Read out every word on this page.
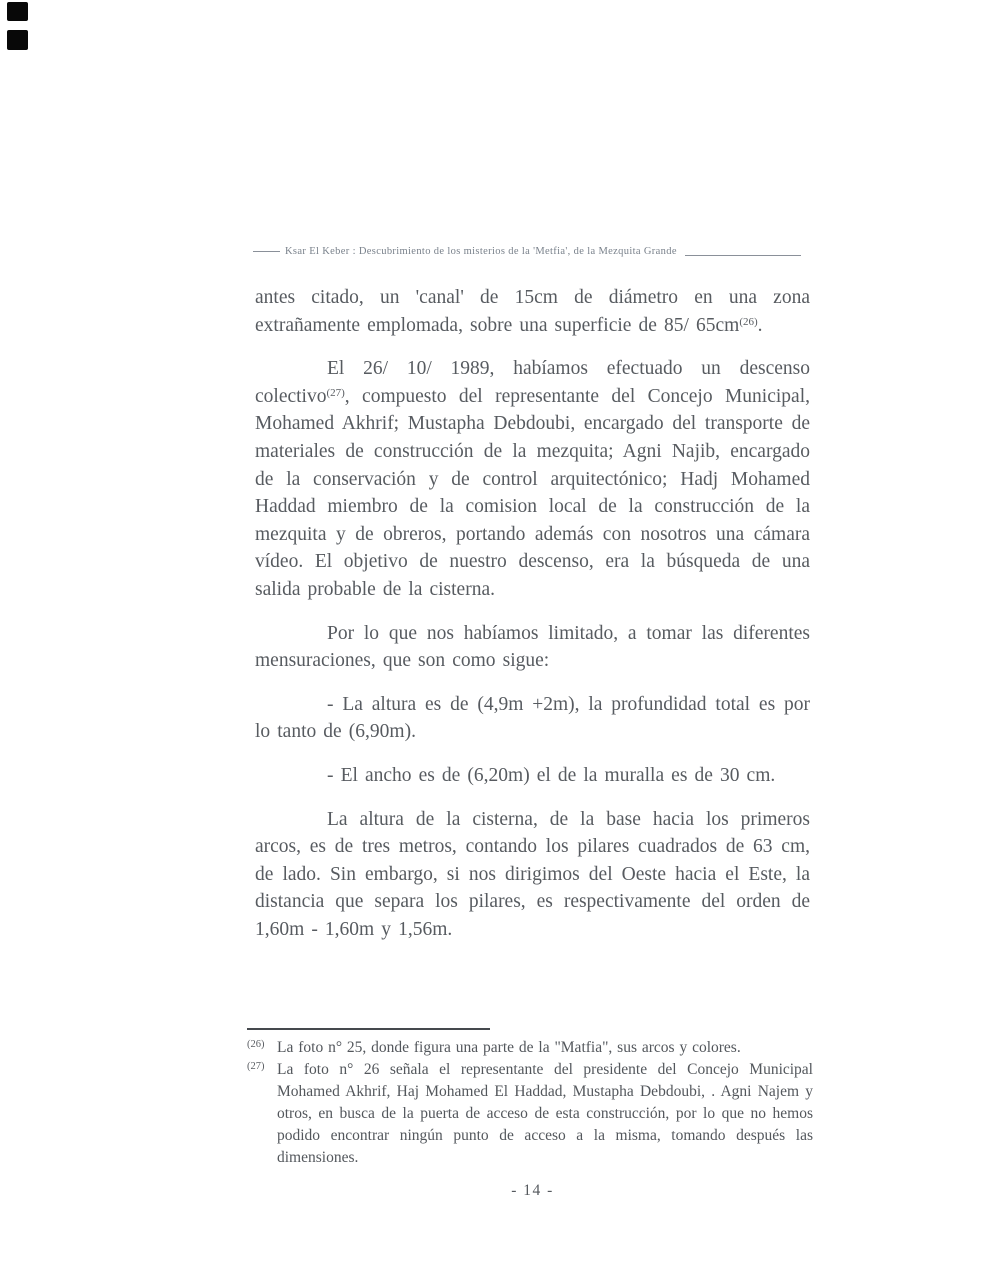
Ksar El Keber : Descubrimiento de los misterios de la 'Metfia', de la Mezquita Grande

antes citado, un 'canal' de 15cm de diámetro en una zona extrañamente emplomada, sobre una superficie de 85/ $65cm^{(26)}$.

El 26/ 10/ 1989, habíamos efectuado un descenso colectivo$^{(27)}$, compuesto del representante del Concejo Municipal, Mohamed Akhrif; Mustapha Debdoubi, encargado del transporte de materiales de construcción de la mezquita; Agni Najib, encargado de la conservación y de control arquitectónico; Hadj Mohamed Haddad miembro de la comision local de la construcción de la mezquita y de obreros, portando además con nosotros una cámara vídeo. El objetivo de nuestro descenso, era la búsqueda de una salida probable de la cisterna.

Por lo que nos habíamos limitado, a tomar las diferentes mensuraciones, que son como sigue:

- La altura es de (4,9m +2m), la profundidad total es por lo tanto de (6,90m).

- El ancho es de (6,20m) el de la muralla es de 30 cm.

La altura de la cisterna, de la base hacia los primeros arcos, es de tres metros, contando los pilares cuadrados de 63 cm, de lado. Sin embargo, si nos dirigimos del Oeste hacia el Este, la distancia que separa los pilares, es respectivamente del orden de 1,60m - 1,60m y 1,56m.

(26) La foto n° 25, donde figura una parte de la "Matfia", sus arcos y colores.
(27) La foto n° 26 señala el representante del presidente del Concejo Municipal Mohamed Akhrif, Haj Mohamed El Haddad, Mustapha Debdoubi, . Agni Najem y otros, en busca de la puerta de acceso de esta construcción, por lo que no hemos podido encontrar ningún punto de acceso a la misma, tomando después las dimensiones.
- 14 -
